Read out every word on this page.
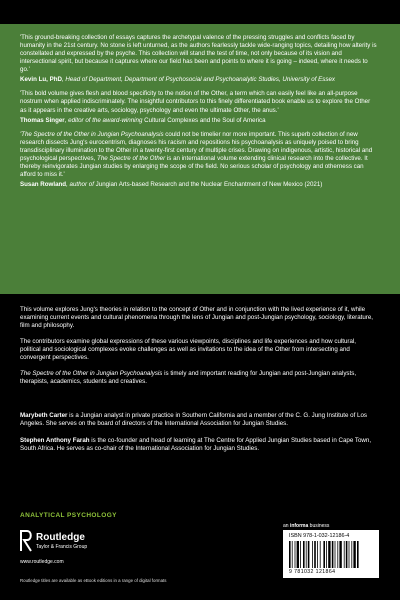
'This ground-breaking collection of essays captures the archetypal valence of the pressing struggles and conflicts faced by humanity in the 21st century. No stone is left unturned, as the authors fearlessly tackle wide-ranging topics, detailing how alterity is constellated and expressed by the psyche. This collection will stand the test of time, not only because of its vision and intersectional spirit, but because it captures where our field has been and points to where it is going – indeed, where it needs to go.'

Kevin Lu, PhD, Head of Department, Department of Psychosocial and Psychoanalytic Studies, University of Essex

'This bold volume gives flesh and blood specificity to the notion of the Other, a term which can easily feel like an all-purpose nostrum when applied indiscriminately. The insightful contributors to this finely differentiated book enable us to explore the Other as it appears in the creative arts, sociology, psychology and even the ultimate Other, the anus.'

Thomas Singer, editor of the award-winning Cultural Complexes and the Soul of America

'The Spectre of the Other in Jungian Psychoanalysis could not be timelier nor more important. This superb collection of new research dissects Jung's eurocentrism, diagnoses his racism and repositions his psychoanalysis as uniquely poised to bring transdisciplinary illumination to the Other in a twenty-first century of multiple crises. Drawing on indigenous, artistic, historical and psychological perspectives, The Spectre of the Other is an international volume extending clinical research into the collective. It thereby reinvigorates Jungian studies by enlarging the scope of the field. No serious scholar of psychology and otherness can afford to miss it.'

Susan Rowland, author of Jungian Arts-based Research and the Nuclear Enchantment of New Mexico (2021)

This volume explores Jung's theories in relation to the concept of Other and in conjunction with the lived experience of it, while examining current events and cultural phenomena through the lens of Jungian and post-Jungian psychology, sociology, literature, film and philosophy.

The contributors examine global expressions of these various viewpoints, disciplines and life experiences and how cultural, political and sociological complexes evoke challenges as well as invitations to the idea of the Other from intersecting and convergent perspectives.

The Spectre of the Other in Jungian Psychoanalysis is timely and important reading for Jungian and post-Jungian analysts, therapists, academics, students and creatives.

Marybeth Carter is a Jungian analyst in private practice in Southern California and a member of the C. G. Jung Institute of Los Angeles. She serves on the board of directors of the International Association for Jungian Studies.

Stephen Anthony Farah is the co-founder and head of learning at The Centre for Applied Jungian Studies based in Cape Town, South Africa. He serves as co-chair of the International Association for Jungian Studies.

ANALYTICAL PSYCHOLOGY
Routledge
Taylor & Francis Group
www.routledge.com
Routledge titles are available as eBook editions in a range of digital formats
an informa business
ISBN 978-1-032-12186-4
9 781032 121864
